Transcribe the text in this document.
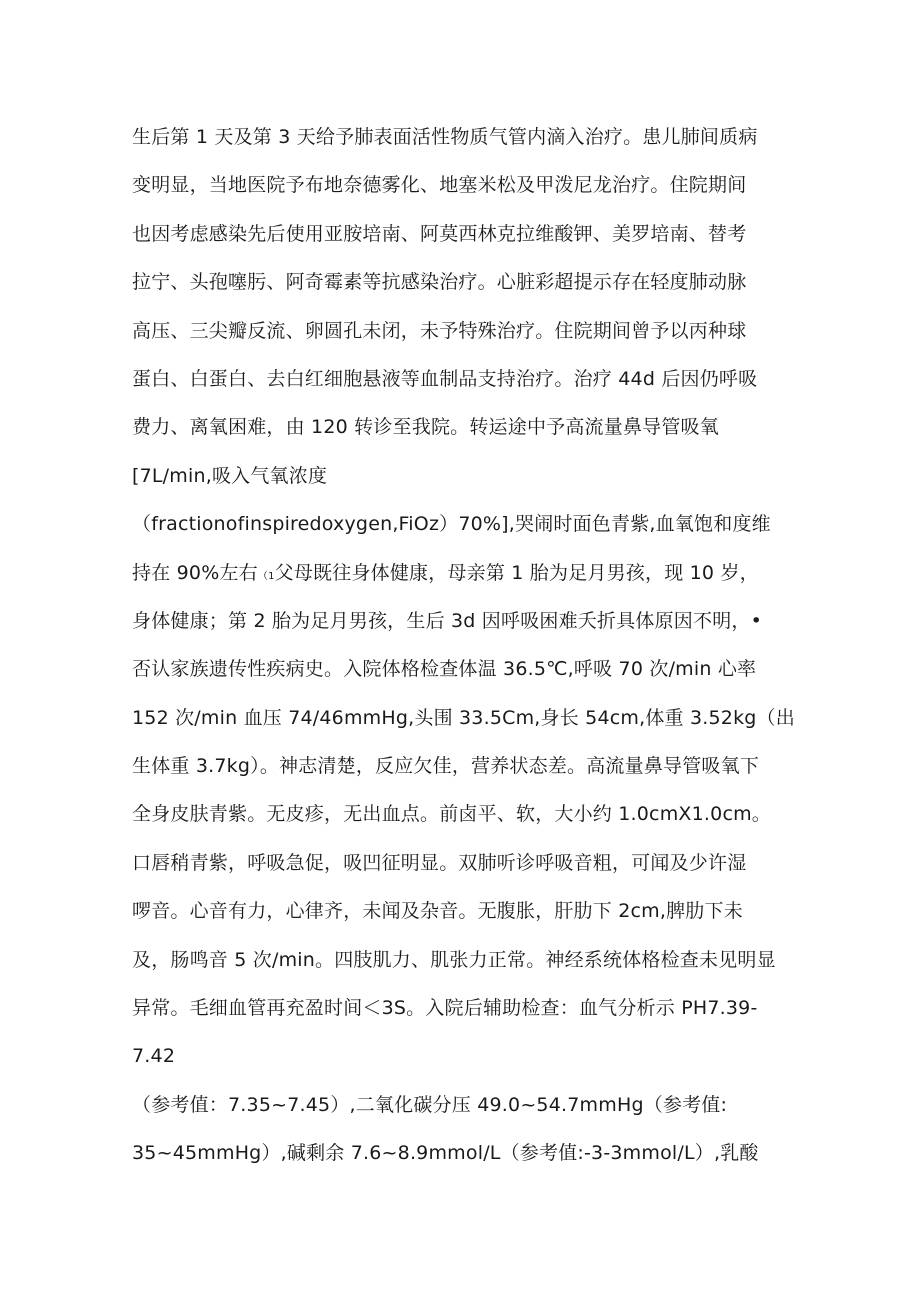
生后第 1 天及第 3 天给予肺表面活性物质气管内滴入治疗。患儿肺间质病
变明显，当地医院予布地奈德雾化、地塞米松及甲泼尼龙治疗。住院期间
也因考虑感染先后使用亚胺培南、阿莫西林克拉维酸钾、美罗培南、替考
拉宁、头孢噻肟、阿奇霉素等抗感染治疗。心脏彩超提示存在轻度肺动脉
高压、三尖瓣反流、卵圆孔未闭，未予特殊治疗。住院期间曾予以丙种球
蛋白、白蛋白、去白红细胞悬液等血制品支持治疗。治疗 44d 后因仍呼吸
费力、离氧困难，由 120 转诊至我院。转运途中予高流量鼻导管吸氧
[7L/min,吸入气氧浓度
（fractionofinspiredoxygen,FiOz）70%],哭闹时面色青紫,血氧饱和度维
持在 90%左右（1父母既往身体健康，母亲第 1 胎为足月男孩，现 10 岁，
身体健康；第 2 胎为足月男孩，生后 3d 因呼吸困难夭折具体原因不明，•
否认家族遗传性疾病史。入院体格检查体温 36.5℃,呼吸 70 次/min 心率
152 次/min 血压 74/46mmHg,头围 33.5Cm,身长 54cm,体重 3.52kg（出
生体重 3.7kg）。神志清楚，反应欠佳，营养状态差。高流量鼻导管吸氧下
全身皮肤青紫。无皮疹，无出血点。前卤平、软，大小约 1.0cmX1.0cm。
口唇稍青紫，呼吸急促，吸凹征明显。双肺听诊呼吸音粗，可闻及少许湿
啰音。心音有力，心律齐，未闻及杂音。无腹胀，肝肋下 2cm,脾肋下未
及，肠鸣音 5 次/min。四肢肌力、肌张力正常。神经系统体格检查未见明显
异常。毛细血管再充盈时间＜3S。入院后辅助检查：血气分析示 PH7.39-
7.42
（参考值：7.35~7.45）,二氧化碳分压 49.0~54.7mmHg（参考值:
35~45mmHg）,碱剩余 7.6~8.9mmol/L（参考值:-3-3mmol/L）,乳酸
